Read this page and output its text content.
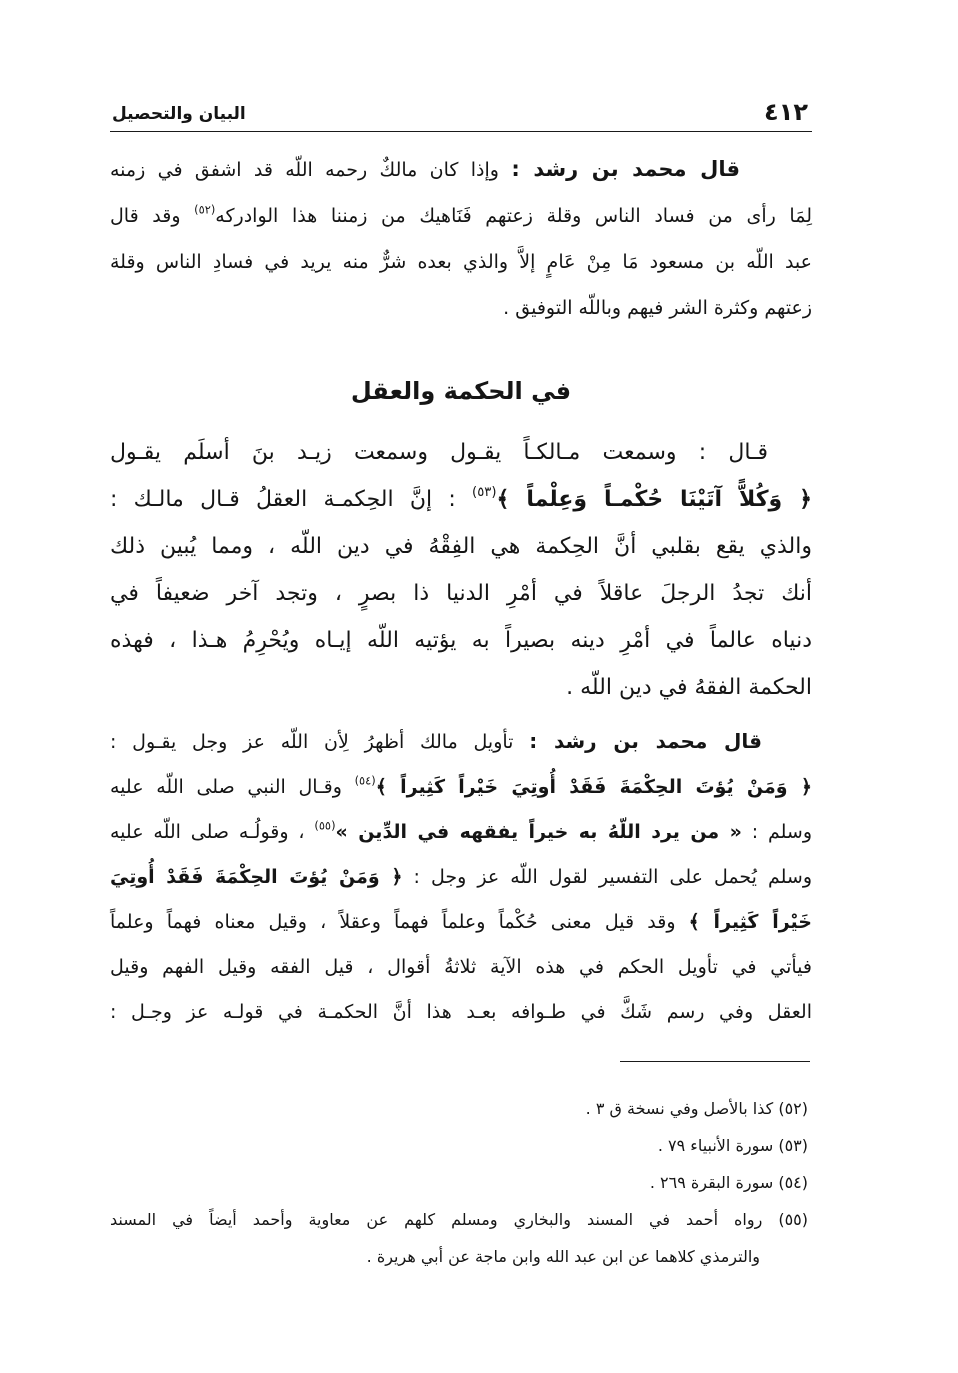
٤١٢
البيان والتحصيل
قال محمد بن رشد : وإذا كان مالكٌ رحمه اللّه قد اشفق في زمنه
لِمَا رأى من فساد الناس وقلة زعتهم فَنَاهيك من زمننا هذا الوادركه$^{(٥٢)}$ وقد قال
عبد اللّه بن مسعود مَا مِنْ عَامٍ إلاَّ والذي بعده شرٌّ منه يريد في فسادِ الناس وقلة
زعتهم وكثرة الشر فيهم وباللّه التوفيق .
في الحكمة والعقل
قـال : وسمعت مـالكـاً يقـول وسمعت زيـد بنَ أسلَم يقـول
﴿ وَكُلاًّ آتَيْنَا حُكْمـاً وَعِلْماً ﴾$^{(٥٣)}$ : إنَّ الحِكمـة العقلُ قـال مالـك :
والذي يقع بقلبي أنَّ الحِكمة هي الفِقْهُ في دين اللّه ، ومما يُبين ذلك
أنك تجدُ الرجلَ عاقلاً في أمْرِ الدنيا ذا بصرٍ ، وتجد آخر ضعيفاً في
دنياه عالماً في أمْرِ دينه بصيراً به يؤتيه اللّه إيـاه ويُحْرِمُ هـذا ، فهذه
الحكمة الفقهُ في دين اللّه .
قال محمد بن رشد : تأويل مالك أظهرُ لِأن اللّه عز وجل يقـول :
﴿ وَمَنْ يُؤتَ الحِكْمَةَ فَقَدْ أُوتِيَ خَيْراً كَثِيراً ﴾$^{(٥٤)}$ وقـال النبي صلى اللّه عليه
وسلم : « من يرد اللّهُ به خيراً يفقهه في الدِّين »$^{(٥٥)}$ ، وقولُـه صلى اللّه عليه
وسلم يُحمل على التفسير لقول اللّه عز وجل : ﴿ وَمَنْ يُؤتَ الحِكْمَةَ فَقَدْ أُوتِيَ
خَيْراً كَثِيراً ﴾ وقد قيل معنى حُكْماً وعلماً فهماً وعقلاً ، وقيل معناه فهماً وعلماً
فيأتي في تأويل الحكم في هذه الآية ثلاثةُ أقوال ، قيل الفقه وقيل الفهم وقيل
العقل وفي رسم شَكَّ في طـوافه بعـد هذا أنَّ الحكمـة في قولـه عز وجـل :
(٥٢) كذا بالأصل وفي نسخة ق ٣ .
(٥٣) سورة الأنبياء ٧٩ .
(٥٤) سورة البقرة ٢٦٩ .
(٥٥) رواه أحمد في المسند والبخاري ومسلم كلهم عن معاوية وأحمد أيضاً في المسند
والترمذي كلاهما عن ابن عبد الله وابن ماجة عن أبي هريرة .
